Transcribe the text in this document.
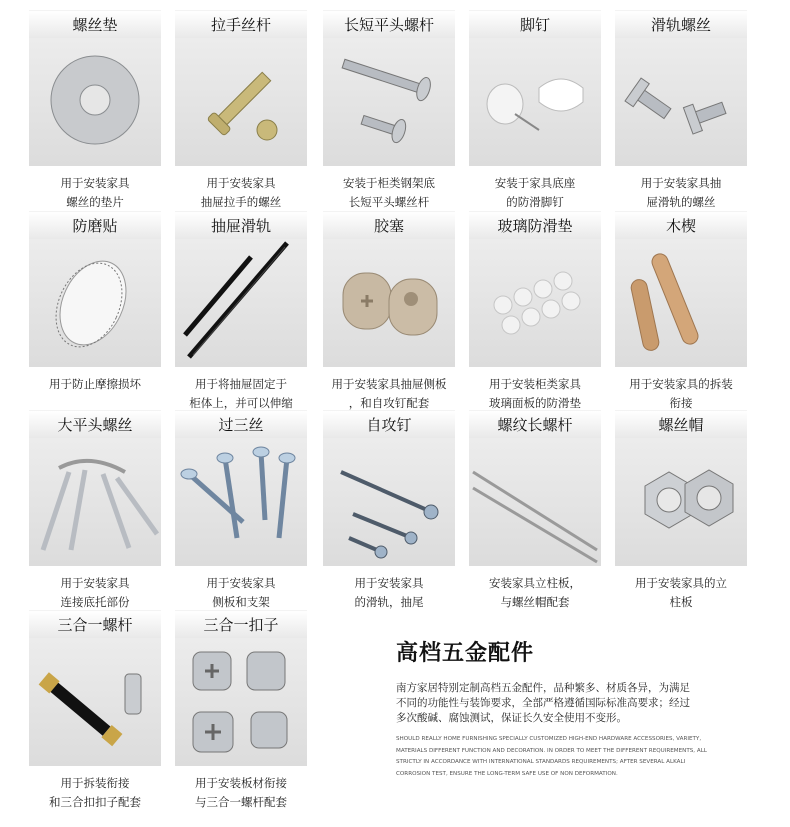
螺丝垫
用于安装家具
螺丝的垫片
拉手丝杆
用于安装家具
抽屉拉手的螺丝
长短平头螺杆
安装于柜类钢架底
长短平头螺丝杆
脚钉
安装于家具底座
的防滑脚钉
滑轨螺丝
用于安装家具抽
屉滑轨的螺丝
防磨贴
用于防止摩擦损坏
抽屉滑轨
用于将抽屉固定于
柜体上，并可以伸缩
胶塞
用于安装家具抽屉侧板
，和自攻钉配套
玻璃防滑垫
用于安装柜类家具
玻璃面板的防滑垫
木楔
用于安装家具的拆装
衔接
大平头螺丝
用于安装家具
连接底托部份
过三丝
用于安装家具
侧板和支架
自攻钉
用于安装家具
的滑轨，抽尾
螺纹长螺杆
安装家具立柱板，
与螺丝帽配套
螺丝帽
用于安装家具的立
柱板
三合一螺杆
用于拆装衔接
和三合扣扣子配套
三合一扣子
用于安装板材衔接
与三合一螺杆配套
高档五金配件
南方家居特别定制高档五金配件，品种繁多、材质各异，为满足不同的功能性与装饰要求，全部严格遵循国际标准高要求；经过多次酸碱、腐蚀测试，保证长久安全使用不变形。
SHOULD REALLY HOME FURNISHING SPECIALLY CUSTOMIZED HIGH-END HARDWARE ACCESSORIES, VARIETY, MATERIALS DIFFERENT FUNCTION AND DECORATION. IN ORDER TO MEET THE DIFFERENT REQUIREMENTS, ALL STRICTLY IN ACCORDANCE WITH INTERNATIONAL STANDARDS REQUIREMENTS; AFTER SEVERAL ALKALI CORROSION TEST, ENSURE THE LONG-TERM SAFE USE OF NON DEFORMATION.
